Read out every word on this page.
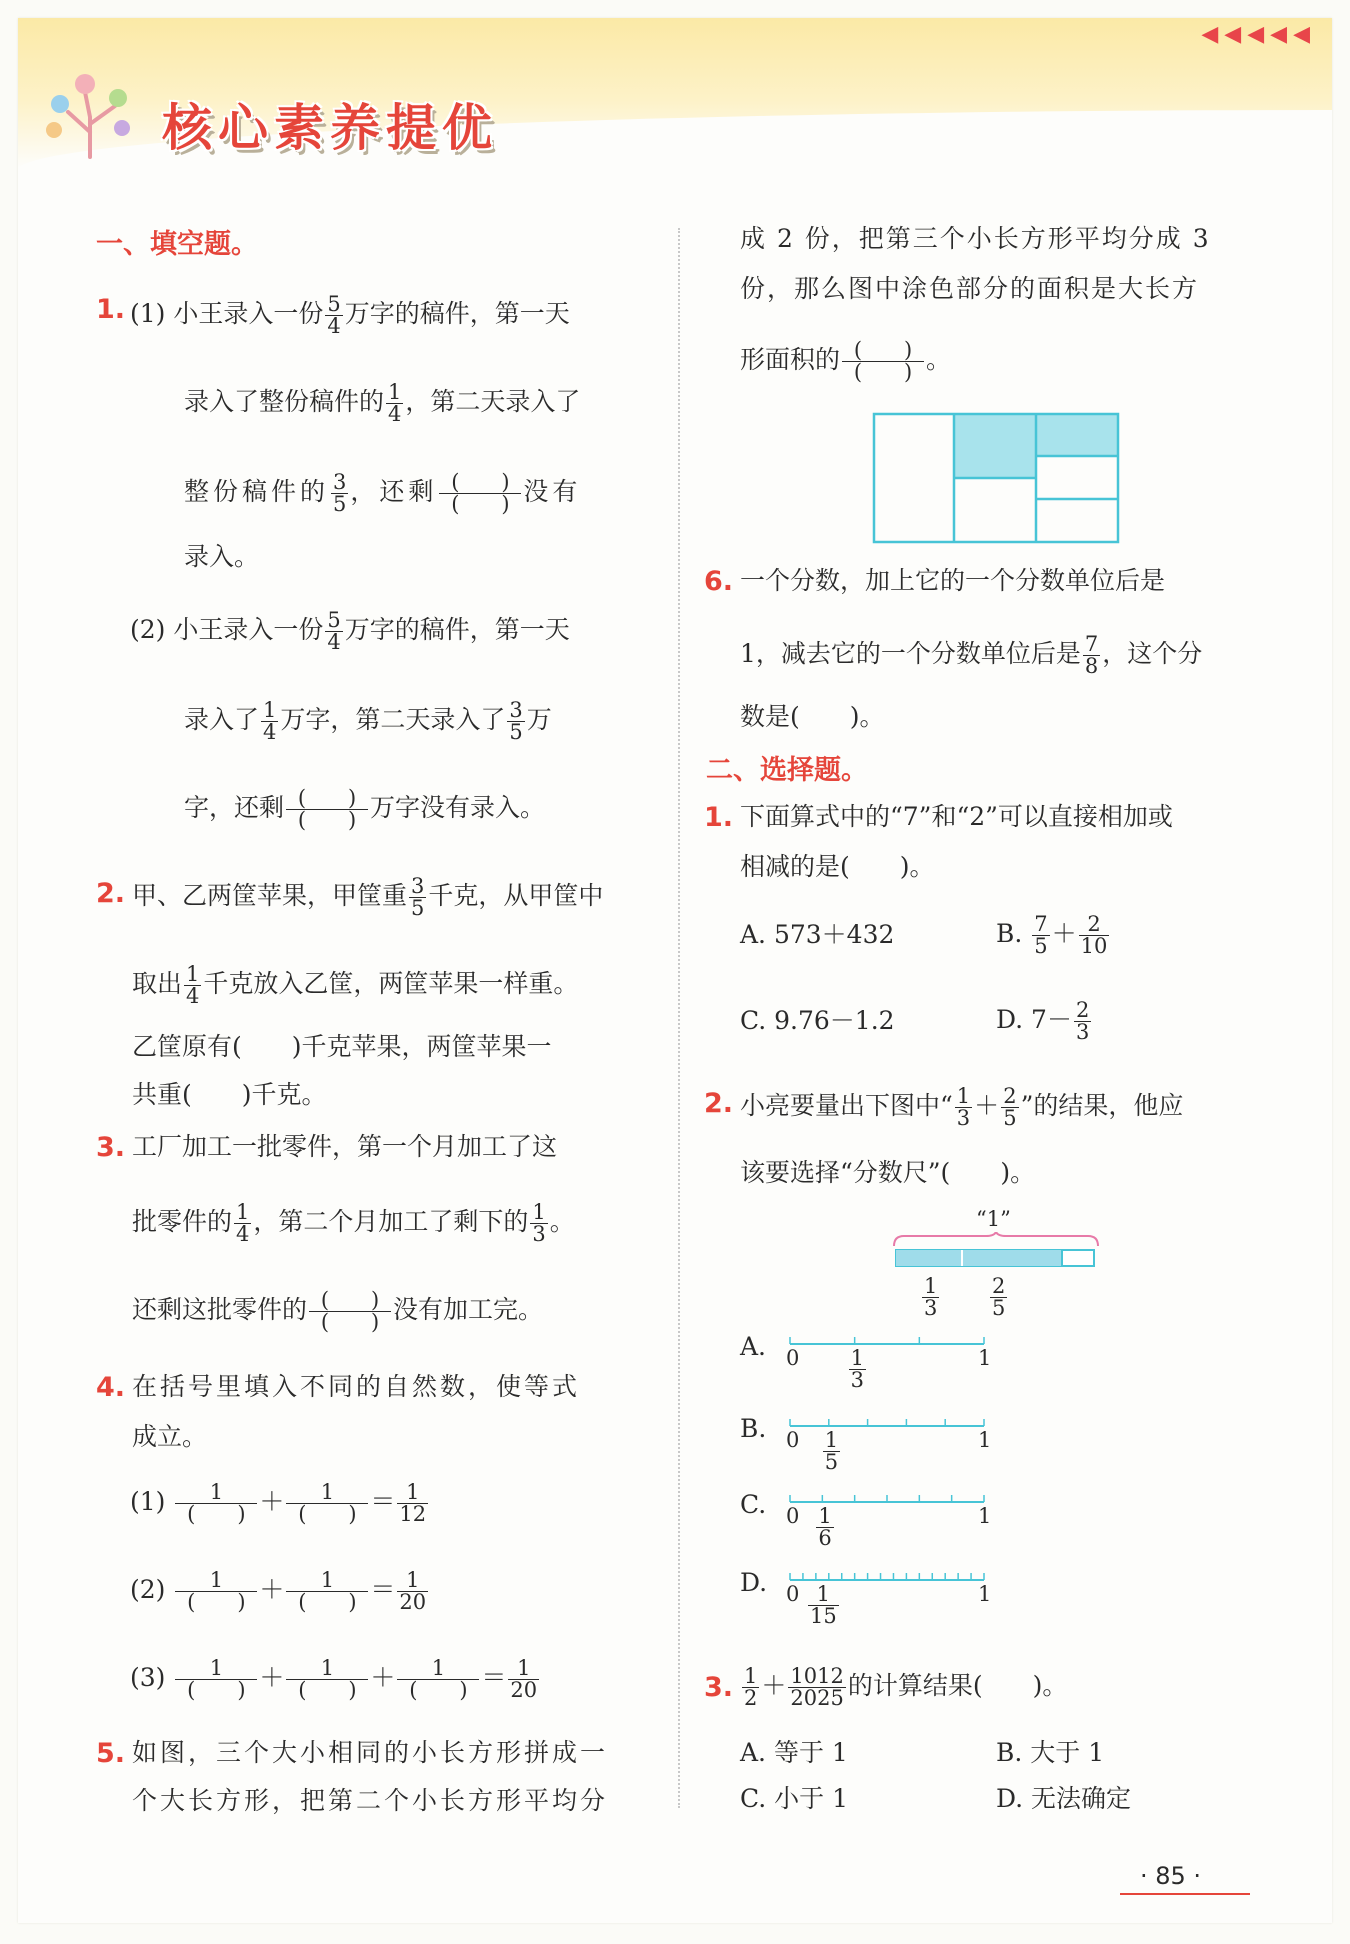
核心素养提优
◀◀◀◀◀
一、填空题。
1. (1) 小王录入一份 $\frac{5}{4}$ 万字的稿件，第一天
录入了整份稿件的 $\frac{1}{4}$ ，第二天录入了
整份稿件的 $\frac{3}{5}$ ，还剩 (　　)
(　　) 没有
录入。
(2) 小王录入一份 $\frac{5}{4}$ 万字的稿件，第一天
录入了 $\frac{1}{4}$ 万字，第二天录入了 $\frac{3}{5}$ 万
字，还剩 (　　)
(　　) 万字没有录入。
2. 甲、乙两筐苹果，甲筐重 $\frac{3}{5}$ 千克，从甲筐中
取出 $\frac{1}{4}$ 千克放入乙筐，两筐苹果一样重。
乙筐原有(　　)千克苹果，两筐苹果一
共重(　　)千克。
3. 工厂加工一批零件，第一个月加工了这
批零件的 $\frac{1}{4}$ ，第二个月加工了剩下的 $\frac{1}{3}$ 。
还剩这批零件的 (　　)
(　　) 没有加工完。
4. 在括号里填入不同的自然数，使等式
成立。
(1)	1
(　　) ＋	1
(　　) ＝ $\frac{1}{12}$
(2)	1
(　　) ＋	1
(　　) ＝ $\frac{1}{20}$
(3)	1
(　　) ＋	1
(　　) ＋	1
(　　) ＝ $\frac{1}{20}$
5. 如图，三个大小相同的小长方形拼成一
个大长方形，把第二个小长方形平均分
成 2 份，把第三个小长方形平均分成 3
份，那么图中涂色部分的面积是大长方
形面积的 (　　)
(　　) 。
6. 一个分数，加上它的一个分数单位后是
1，减去它的一个分数单位后是 $\frac{7}{8}$ ，这个分
数是(　　)。
二、选择题。
1. 下面算式中的“7”和“2”可以直接相加或
相减的是(　　)。
A. 573＋432	B. $\frac{7}{5} + \frac{2}{10}$
C. 9.76－1.2	D. $7- \frac{2}{3}$
2. 小亮要量出下图中“ $\frac{1}{3} + \frac{2}{5}$ ”的结果，他应
该要选择“分数尺”(　　)。
“1”
$\frac{1}{3} \frac{2}{5}$
A. 0	1
1
3
B. 0	1
1
5
C. 0	1
1
6
D. 0	1
1
15
3. $\frac{1}{2} + \frac{1012}{2025}$ 的计算结果(　　)。
A. 等于 1	B. 大于 1
C. 小于 1	D. 无法确定
· 85 ·
